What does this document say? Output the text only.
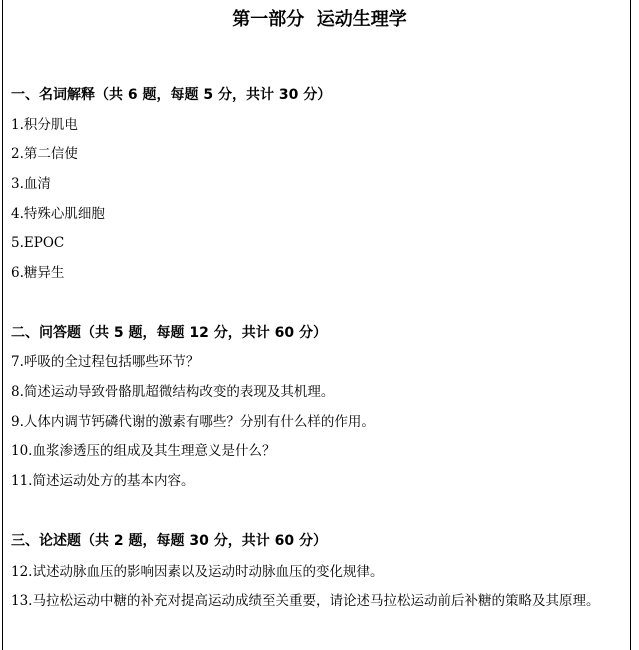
第一部分  运动生理学
一、名词解释（共 6 题，每题 5 分，共计 30 分）
1.积分肌电
2.第二信使
3.血清
4.特殊心肌细胞
5.EPOC
6.糖异生
二、问答题（共 5 题，每题 12 分，共计 60 分）
7.呼吸的全过程包括哪些环节？
8.简述运动导致骨骼肌超微结构改变的表现及其机理。
9.人体内调节钙磷代谢的激素有哪些？分别有什么样的作用。
10.血浆渗透压的组成及其生理意义是什么？
11.简述运动处方的基本内容。
三、论述题（共 2 题，每题 30 分，共计 60 分）
12.试述动脉血压的影响因素以及运动时动脉血压的变化规律。
13.马拉松运动中糖的补充对提高运动成绩至关重要，请论述马拉松运动前后补糖的策略及其原理。
